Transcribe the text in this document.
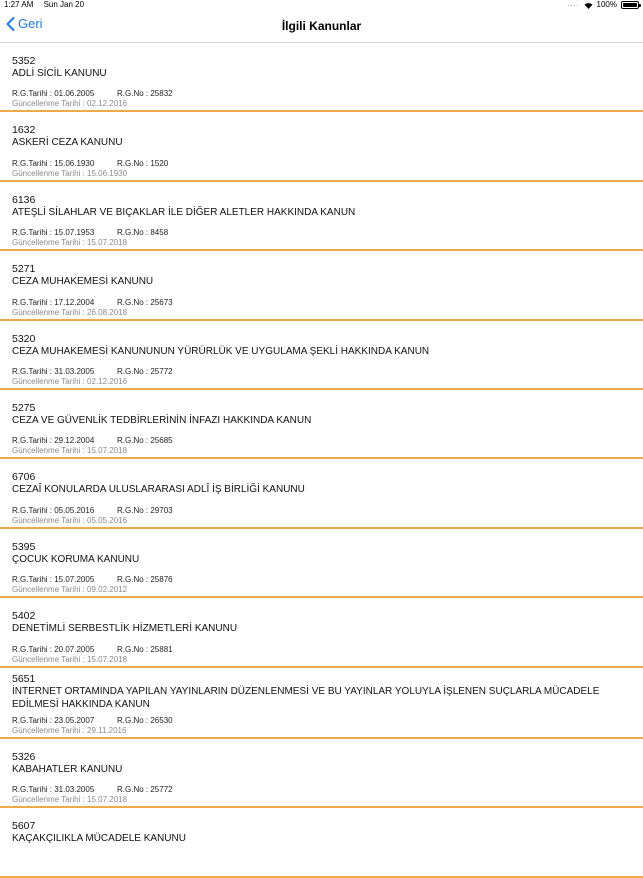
1:27 AM Sun Jan 20	.... 100%
Geri	İlgili Kanunlar
5352
ADLİ SİCİL KANUNU
R.G.Tarihi : 01.06.2005	R.G.No : 25832
Güncellenme Tarihi : 02.12.2016
1632
ASKERİ CEZA KANUNU
R.G.Tarihi : 15.06.1930	R.G.No : 1520
Güncellenme Tarihi : 15.06.1930
6136
ATEŞLİ SİLAHLAR VE BIÇAKLAR İLE DİĞER ALETLER HAKKINDA KANUN
R.G.Tarihi : 15.07.1953	R.G.No : 8458
Güncellenme Tarihi : 15.07.2018
5271
CEZA MUHAKEMESİ KANUNU
R.G.Tarihi : 17.12.2004	R.G.No : 25673
Güncellenme Tarihi : 26.08.2018
5320
CEZA MUHAKEMESİ KANUNUNUN YÜRÜRLÜK VE UYGULAMA ŞEKLİ HAKKINDA KANUN
R.G.Tarihi : 31.03.2005	R.G.No : 25772
Güncellenme Tarihi : 02.12.2016
5275
CEZA VE GÜVENLİK TEDBİRLERİNİN İNFAZI HAKKINDA KANUN
R.G.Tarihi : 29.12.2004	R.G.No : 25685
Güncellenme Tarihi : 15.07.2018
6706
CEZAÎ KONULARDA ULUSLARARASI ADLÎ İŞ BİRLİĞİ KANUNU
R.G.Tarihi : 05.05.2016	R.G.No : 29703
Güncellenme Tarihi : 05.05.2016
5395
ÇOCUK KORUMA KANUNU
R.G.Tarihi : 15.07.2005	R.G.No : 25876
Güncellenme Tarihi : 09.02.2012
5402
DENETİMLİ SERBESTLİK HİZMETLERİ KANUNU
R.G.Tarihi : 20.07.2005	R.G.No : 25881
Güncellenme Tarihi : 15.07.2018
5651
İNTERNET ORTAMINDA YAPILAN YAYINLARIN DÜZENLENMESİ VE BU YAYINLAR YOLUYLA İŞLENEN SUÇLARLA MÜCADELE EDİLMESİ HAKKINDA KANUN
R.G.Tarihi : 23.05.2007	R.G.No : 26530
Güncellenme Tarihi : 29.11.2016
5326
KABAHATLER KANUNU
R.G.Tarihi : 31.03.2005	R.G.No : 25772
Güncellenme Tarihi : 15.07.2018
5607
KAÇAKÇILIKLA MÜCADELE KANUNU
